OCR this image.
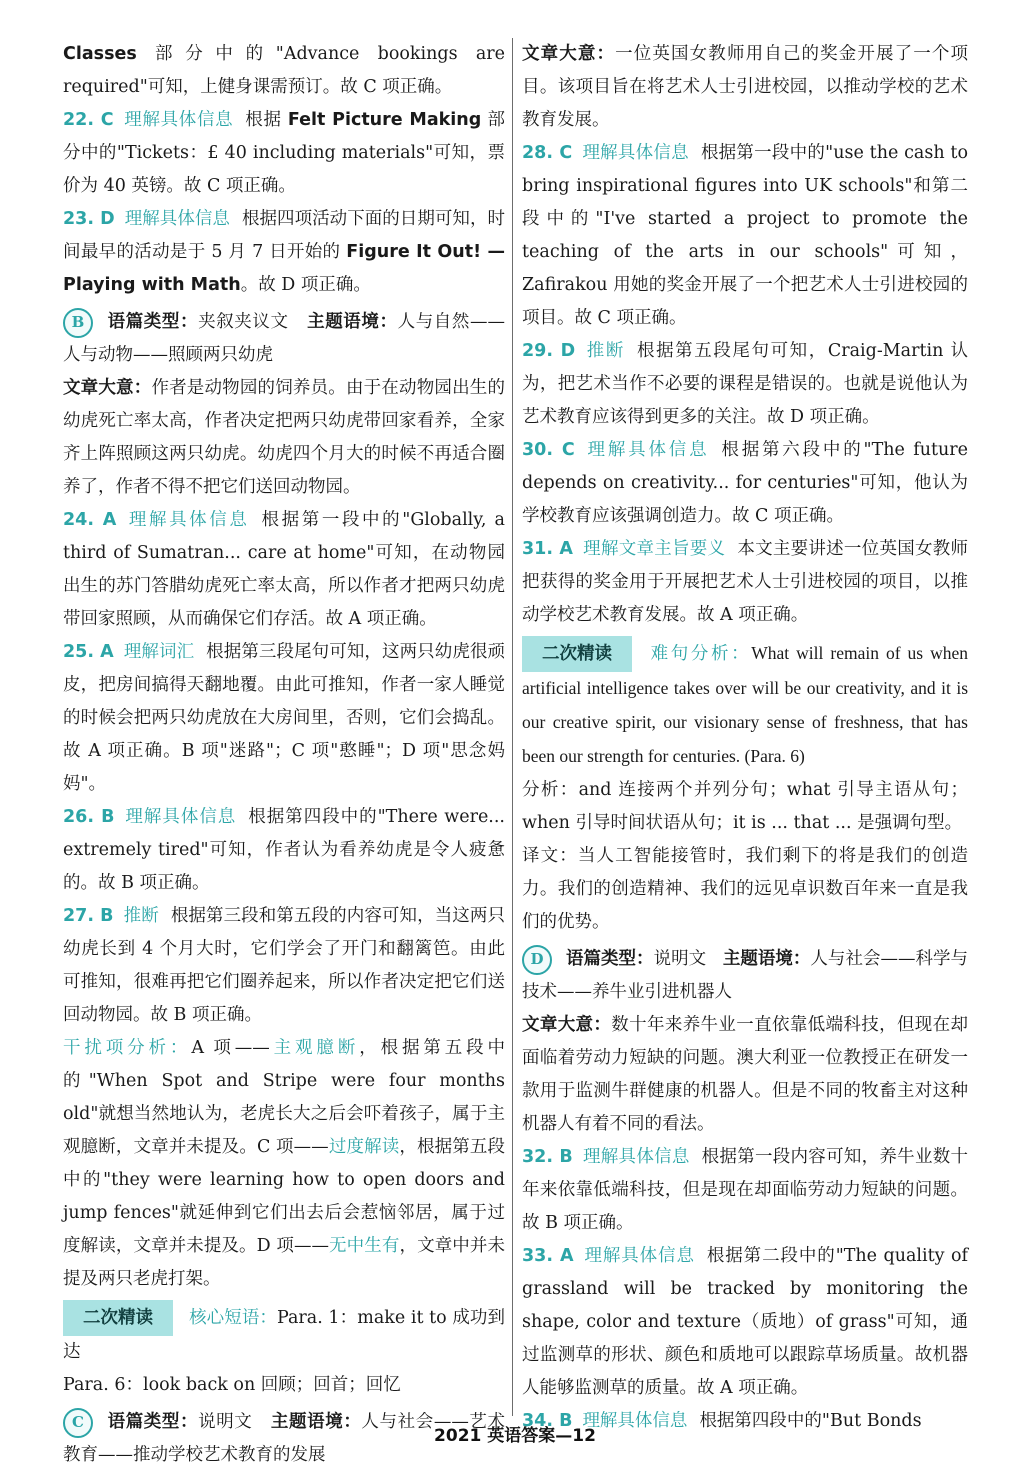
Classes 部分中的"Advance bookings are required"可知，上健身课需预订。故 C 项正确。

22. C 理解具体信息 根据 Felt Picture Making 部分中的"Tickets：£ 40 including materials"可知，票价为 40 英镑。故 C 项正确。

23. D 理解具体信息 根据四项活动下面的日期可知，时间最早的活动是于 5 月 7 日开始的 Figure It Out! — Playing with Math。故 D 项正确。

B 语篇类型：夹叙夹议文 主题语境：人与自然——人与动物——照顾两只幼虎

文章大意：作者是动物园的饲养员。由于在动物园出生的幼虎死亡率太高，作者决定把两只幼虎带回家看养，全家齐上阵照顾这两只幼虎。幼虎四个月大的时候不再适合圈养了，作者不得不把它们送回动物园。

24. A 理解具体信息 根据第一段中的"Globally, a third of Sumatran... care at home"可知，在动物园出生的苏门答腊幼虎死亡率太高，所以作者才把两只幼虎带回家照顾，从而确保它们存活。故 A 项正确。

25. A 理解词汇 根据第三段尾句可知，这两只幼虎很顽皮，把房间搞得天翻地覆。由此可推知，作者一家人睡觉的时候会把两只幼虎放在大房间里，否则，它们会捣乱。故 A 项正确。B 项"迷路"；C 项"憨睡"；D 项"思念妈妈"。

26. B 理解具体信息 根据第四段中的"There were... extremely tired"可知，作者认为看养幼虎是令人疲惫的。故 B 项正确。

27. B 推断 根据第三段和第五段的内容可知，当这两只幼虎长到 4 个月大时，它们学会了开门和翻篱笆。由此可推知，很难再把它们圈养起来，所以作者决定把它们送回动物园。故 B 项正确。

干扰项分析：A 项——主观臆断，根据第五段中的"When Spot and Stripe were four months old"就想当然地认为，老虎长大之后会吓着孩子，属于主观臆断，文章并未提及。C 项——过度解读，根据第五段中的"they were learning how to open doors and jump fences"就延伸到它们出去后会惹恼邻居，属于过度解读，文章并未提及。D 项——无中生有，文章中并未提及两只老虎打架。

二次精读 核心短语：Para. 1：make it to 成功到达

Para. 6：look back on 回顾；回首；回忆

C 语篇类型：说明文 主题语境：人与社会——艺术教育——推动学校艺术教育的发展

文章大意：一位英国女教师用自己的奖金开展了一个项目。该项目旨在将艺术人士引进校园，以推动学校的艺术教育发展。

28. C 理解具体信息 根据第一段中的"use the cash to bring inspirational figures into UK schools"和第二段中的"I've started a project to promote the teaching of the arts in our schools"可知，Zafirakou 用她的奖金开展了一个把艺术人士引进校园的项目。故 C 项正确。

29. D 推断 根据第五段尾句可知，Craig-Martin 认为，把艺术当作不必要的课程是错误的。也就是说他认为艺术教育应该得到更多的关注。故 D 项正确。

30. C 理解具体信息 根据第六段中的"The future depends on creativity... for centuries"可知，他认为学校教育应该强调创造力。故 C 项正确。

31. A 理解文章主旨要义 本文主要讲述一位英国女教师把获得的奖金用于开展把艺术人士引进校园的项目，以推动学校艺术教育发展。故 A 项正确。

二次精读 难句分析：What will remain of us when artificial intelligence takes over will be our creativity, and it is our creative spirit, our visionary sense of freshness, that has been our strength for centuries. (Para. 6)

分析：and 连接两个并列分句；what 引导主语从句；when 引导时间状语从句；it is ... that ... 是强调句型。

译文：当人工智能接管时，我们剩下的将是我们的创造力。我们的创造精神、我们的远见卓识数百年来一直是我们的优势。

D 语篇类型：说明文 主题语境：人与社会——科学与技术——养牛业引进机器人

文章大意：数十年来养牛业一直依靠低端科技，但现在却面临着劳动力短缺的问题。澳大利亚一位教授正在研发一款用于监测牛群健康的机器人。但是不同的牧畜主对这种机器人有着不同的看法。

32. B 理解具体信息 根据第一段内容可知，养牛业数十年来依靠低端科技，但是现在却面临劳动力短缺的问题。故 B 项正确。

33. A 理解具体信息 根据第二段中的"The quality of grassland will be tracked by monitoring the shape, color and texture（质地）of grass"可知，通过监测草的形状、颜色和质地可以跟踪草场质量。故机器人能够监测草的质量。故 A 项正确。

34. B 理解具体信息 根据第四段中的"But Bonds

2021 英语答案—12
